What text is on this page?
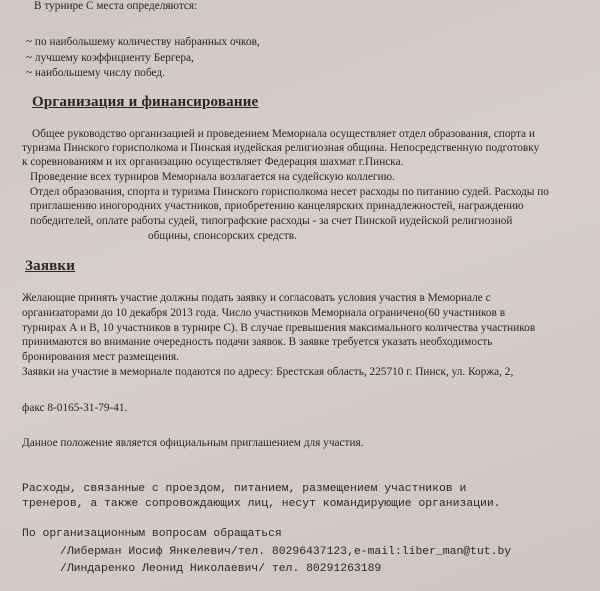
В турнире С места определяются:
~ по наибольшему количеству набранных очков,
~ лучшему коэффициенту Бергера,
~ наибольшему числу побед.
Организация и финансирование
Общее руководство организацией и проведением Мемориала осуществляет отдел образования, спорта и
туризма Пинского горисполкома и Пинская иудейская религиозная община. Непосредственную подготовку
к соревнованиям и их организацию осуществляет Федерация шахмат г.Пинска.
Проведение всех турниров Мемориала возлагается на судейскую коллегию.
Отдел образования, спорта и туризма Пинского горисполкома несет расходы по питанию судей. Расходы по
приглашению иногородних участников, приобретению канцелярских принадлежностей, награждению
победителей, оплате работы судей, типографские расходы - за счет Пинской иудейской религиозной
общины, спонсорских средств.
Заявки
Желающие принять участие должны подать заявку и согласовать условия участия в Мемориале с
организаторами до 10 декабря 2013 года. Число участников Мемориала ограничено(60 участников в
турнирах А и В, 10 участников в турнире С). В случае превышения максимального количества участников
принимаются во внимание очередность подачи заявок. В заявке требуется указать необходимость
бронирования мест размещения.
Заявки на участие в мемориале подаются по адресу: Брестская область, 225710 г. Пинск, ул. Коржа, 2,
факс 8-0165-31-79-41.
Данное положение является официальным приглашением для участия.
Расходы, связанные с проездом, питанием, размещением участников и
тренеров, а также сопровождающих лиц, несут командирующие организации.
По организационным вопросам обращаться
/Либерман Иосиф Янкелевич/тел. 80296437123,e-mail:liber_man@tut.by
/Линдаренко Леонид Николаевич/ тел. 80291263189
